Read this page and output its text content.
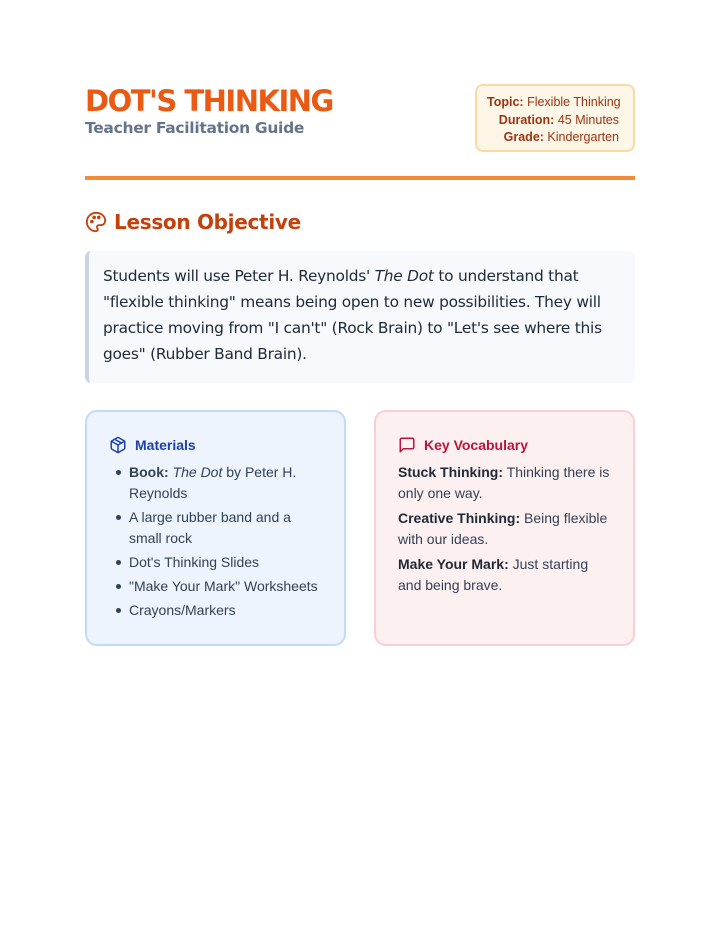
DOT'S THINKING
Teacher Facilitation Guide
Topic: Flexible Thinking
Duration: 45 Minutes
Grade: Kindergarten
Lesson Objective
Students will use Peter H. Reynolds' The Dot to understand that "flexible thinking" means being open to new possibilities. They will practice moving from "I can't" (Rock Brain) to "Let's see where this goes" (Rubber Band Brain).
Materials
Book: The Dot by Peter H. Reynolds
A large rubber band and a small rock
Dot's Thinking Slides
"Make Your Mark" Worksheets
Crayons/Markers
Key Vocabulary
Stuck Thinking: Thinking there is only one way.
Creative Thinking: Being flexible with our ideas.
Make Your Mark: Just starting and being brave.
